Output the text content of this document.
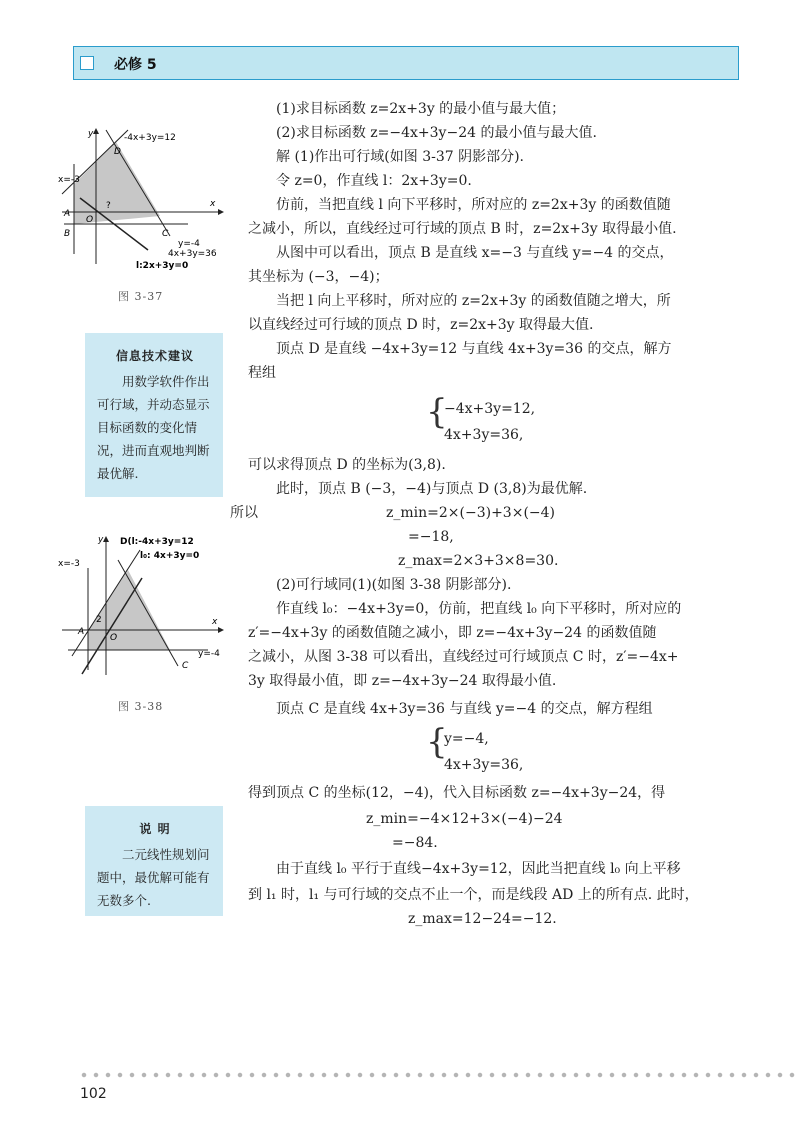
必修 5
-4x+3y=12
x=-3
y=-4
4x+3y=36
l:2x+3y=0
x
y
O
A
B	C
D
?
图 3-37
信息技术建议
用数学软件作出可行域，并动态显示目标函数的变化情况，进而直观地判断最优解.
D(l:-4x+3y=12
l₀: 4x+3y=0
x=-3
y=-4
x
y
O
A
C
2
图 3-38
说 明
二元线性规划问题中，最优解可能有无数多个.
(1)求目标函数 z=2x+3y 的最小值与最大值；
(2)求目标函数 z=−4x+3y−24 的最小值与最大值.
解 (1)作出可行域(如图 3-37 阴影部分).
令 z=0，作直线 l：2x+3y=0.
仿前，当把直线 l 向下平移时，所对应的 z=2x+3y 的函数值随
之减小，所以，直线经过可行域的顶点 B 时，z=2x+3y 取得最小值.
从图中可以看出，顶点 B 是直线 x=−3 与直线 y=−4 的交点，
其坐标为 (−3，−4)；
当把 l 向上平移时，所对应的 z=2x+3y 的函数值随之增大，所
以直线经过可行域的顶点 D 时，z=2x+3y 取得最大值.
顶点 D 是直线 −4x+3y=12 与直线 4x+3y=36 的交点，解方
程组
{
−4x+3y=12,
4x+3y=36,
可以求得顶点 D 的坐标为(3,8).
此时，顶点 B (−3，−4)与顶点 D (3,8)为最优解.
所以	z_min=2×(−3)+3×(−4)
=−18,
z_max=2×3+3×8=30.
(2)可行域同(1)(如图 3-38 阴影部分).
作直线 l₀：−4x+3y=0，仿前，把直线 l₀ 向下平移时，所对应的
z′=−4x+3y 的函数值随之减小，即 z=−4x+3y−24 的函数值随
之减小，从图 3-38 可以看出，直线经过可行域顶点 C 时，z′=−4x+
3y 取得最小值，即 z=−4x+3y−24 取得最小值.
顶点 C 是直线 4x+3y=36 与直线 y=−4 的交点，解方程组
{
y=−4,
4x+3y=36,
得到顶点 C 的坐标(12，−4)，代入目标函数 z=−4x+3y−24，得
z_min=−4×12+3×(−4)−24
=−84.
由于直线 l₀ 平行于直线−4x+3y=12，因此当把直线 l₀ 向上平移
到 l₁ 时，l₁ 与可行域的交点不止一个，而是线段 AD 上的所有点. 此时，
z_max=12−24=−12.
102
